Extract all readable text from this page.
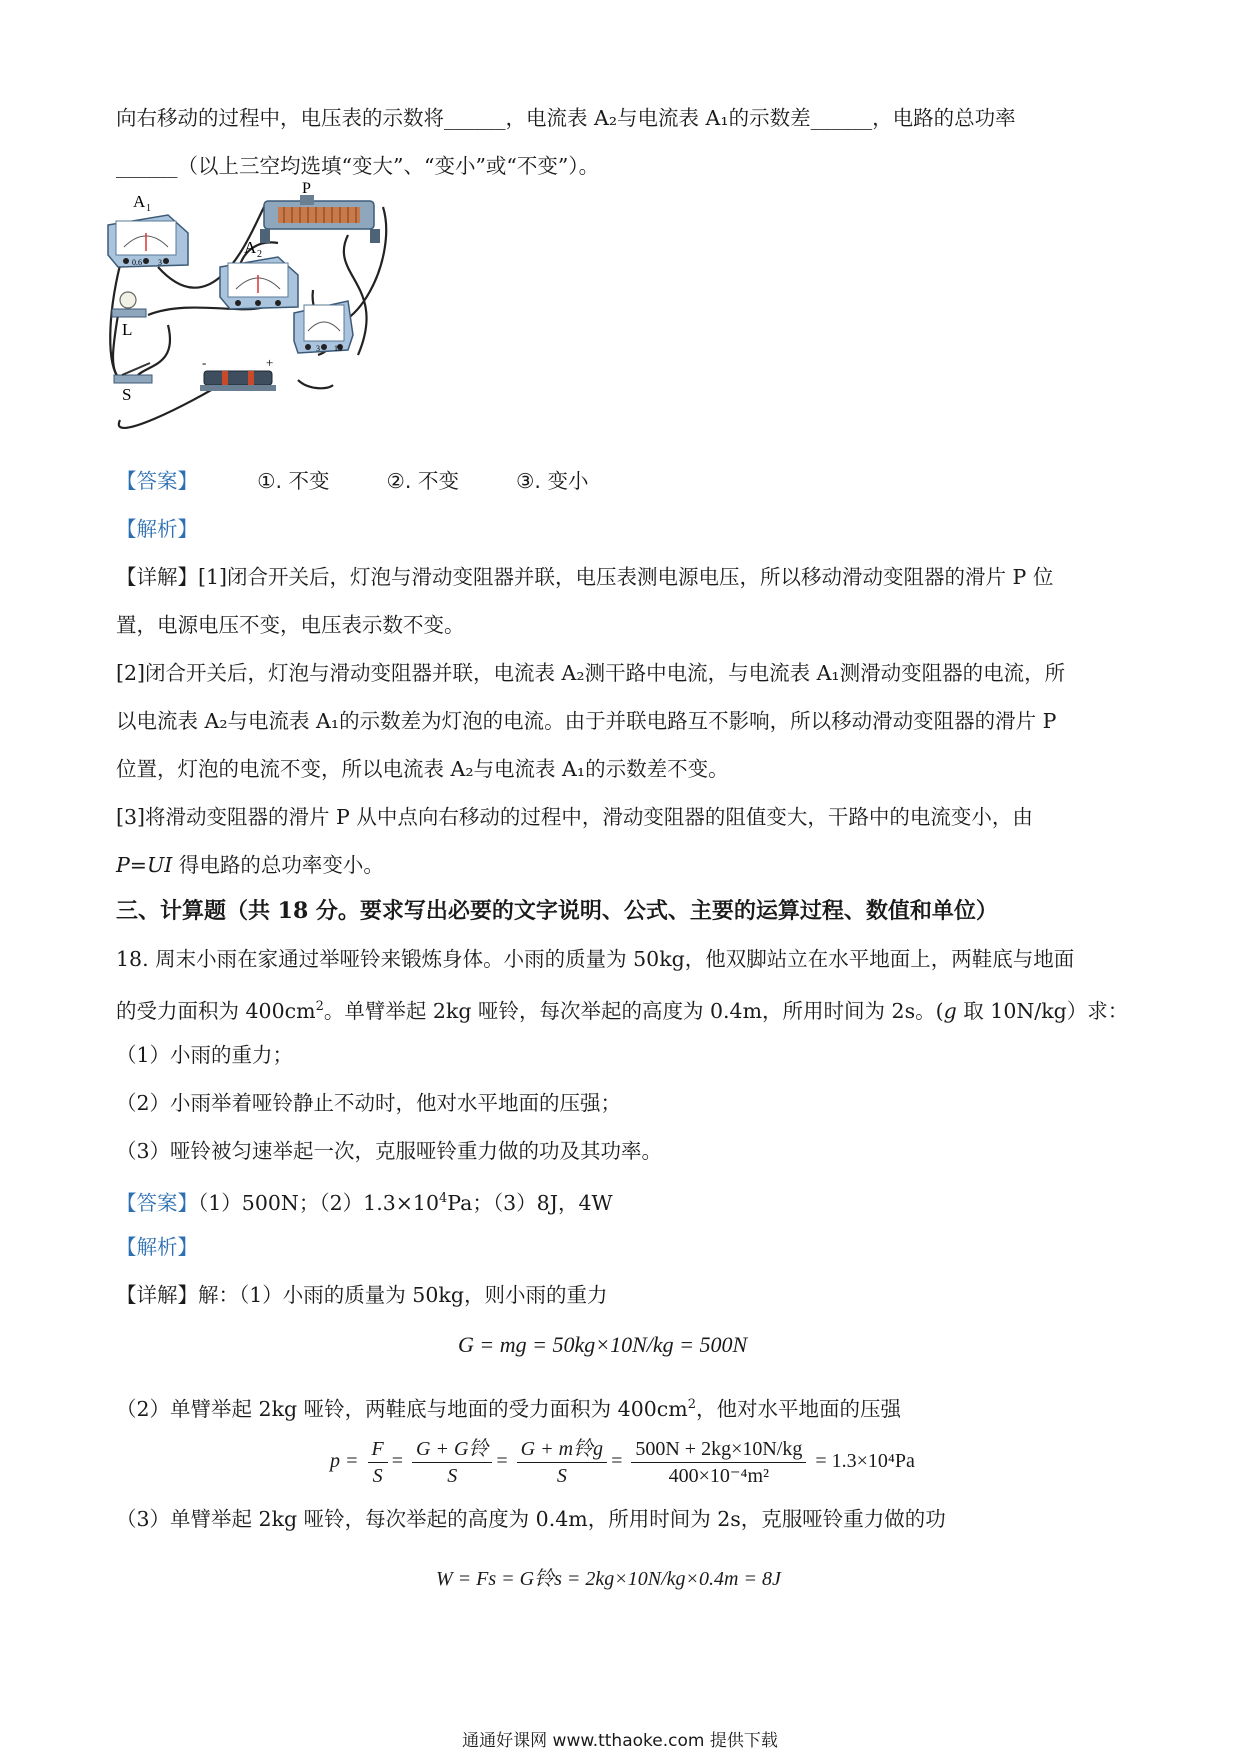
向右移动的过程中，电压表的示数将______，电流表 A₂与电流表 A₁的示数差______，电路的总功率
______（以上三空均选填“变大”、“变小”或“不变”）。
0.6 3
A 1
P
A 2
3 15
L
S
-	+
【答案】	①. 不变	②. 不变	③. 变小
【解析】
【详解】[1]闭合开关后，灯泡与滑动变阻器并联，电压表测电源电压，所以移动滑动变阻器的滑片 P 位
置，电源电压不变，电压表示数不变。
[2]闭合开关后，灯泡与滑动变阻器并联，电流表 A₂测干路中电流，与电流表 A₁测滑动变阻器的电流，所
以电流表 A₂与电流表 A₁的示数差为灯泡的电流。由于并联电路互不影响，所以移动滑动变阻器的滑片 P
位置，灯泡的电流不变，所以电流表 A₂与电流表 A₁的示数差不变。
[3]将滑动变阻器的滑片 P 从中点向右移动的过程中，滑动变阻器的阻值变大，干路中的电流变小，由
P=UI 得电路的总功率变小。
三、计算题（共 18 分。要求写出必要的文字说明、公式、主要的运算过程、数值和单位）
18. 周末小雨在家通过举哑铃来锻炼身体。小雨的质量为 50kg，他双脚站立在水平地面上，两鞋底与地面
的受力面积为 $400cm^2$。单臂举起 2kg 哑铃，每次举起的高度为 0.4m，所用时间为 2s。(g 取 10N/kg）求：
（1）小雨的重力；
（2）小雨举着哑铃静止不动时，他对水平地面的压强；
（3）哑铃被匀速举起一次，克服哑铃重力做的功及其功率。
【答案】（1）500N；$(2)1.3\times 10^4Pa$；（3）8J，4W
【解析】
【详解】解：（1）小雨的质量为 50kg，则小雨的重力
G = mg = 50kg×10N/kg = 500N
（2）单臂举起 2kg 哑铃，两鞋底与地面的受力面积为 $400cm^2$，他对水平地面的压强
$p = \frac{F}{S} = \frac{\text{G + G铃}}{S} = \frac{\text{G + m铃g}}{S} = \frac{500N + 2kg\times 10N/kg}{\text{400×10⁻⁴m²}} = 1.3\times 10^4Pa$
（3）单臂举起 2kg 哑铃，每次举起的高度为 0.4m，所用时间为 2s，克服哑铃重力做的功
W = Fs = G铃s = 2kg×10N/kg×0.4m = 8J
通通好课网 www.tthaoke.com 提供下载
